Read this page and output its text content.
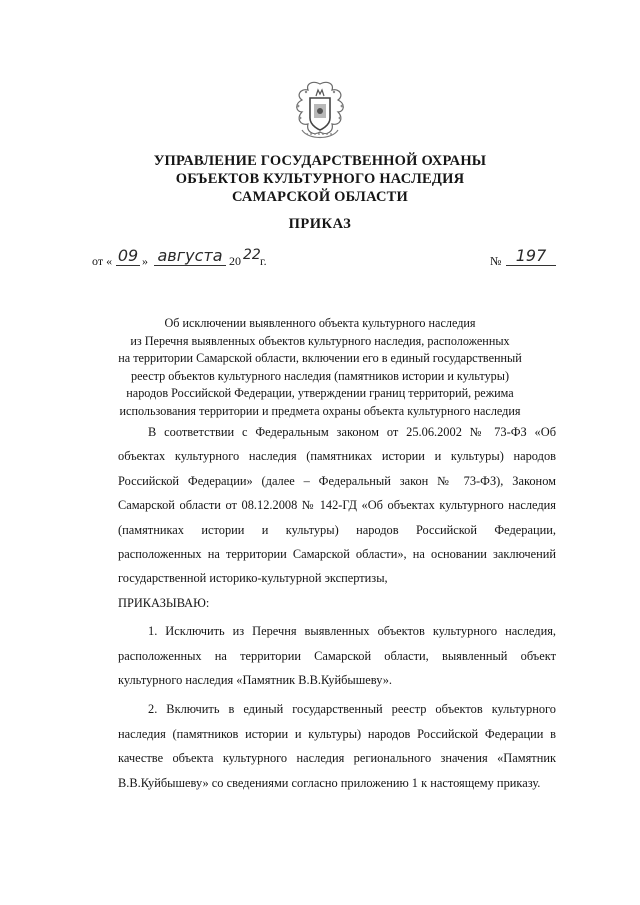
УПРАВЛЕНИЕ ГОСУДАРСТВЕННОЙ ОХРАНЫ
ОБЪЕКТОВ КУЛЬТУРНОГО НАСЛЕДИЯ
САМАРСКОЙ ОБЛАСТИ
ПРИКАЗ
от « 09 » августа 20 22 г.	№ 197
Об исключении выявленного объекта культурного наследия
из Перечня выявленных объектов культурного наследия, расположенных
на территории Самарской области, включении его в единый государственный
реестр объектов культурного наследия (памятников истории и культуры)
народов Российской Федерации, утверждении границ территорий, режима
использования территории и предмета охраны объекта культурного наследия

В соответствии с Федеральным законом от 25.06.2002 № 73-ФЗ «Об объектах культурного наследия (памятниках истории и культуры) народов Российской Федерации» (далее – Федеральный закон № 73-ФЗ), Законом Самарской области от 08.12.2008 № 142-ГД «Об объектах культурного наследия (памятниках истории и культуры) народов Российской Федерации, расположенных на территории Самарской области», на основании заключений государственной историко-культурной экспертизы,

ПРИКАЗЫВАЮ:

1. Исключить из Перечня выявленных объектов культурного наследия, расположенных на территории Самарской области, выявленный объект культурного наследия «Памятник В.В.Куйбышеву».

2. Включить в единый государственный реестр объектов культурного наследия (памятников истории и культуры) народов Российской Федерации в качестве объекта культурного наследия регионального значения «Памятник В.В.Куйбышеву» со сведениями согласно приложению 1 к настоящему приказу.
